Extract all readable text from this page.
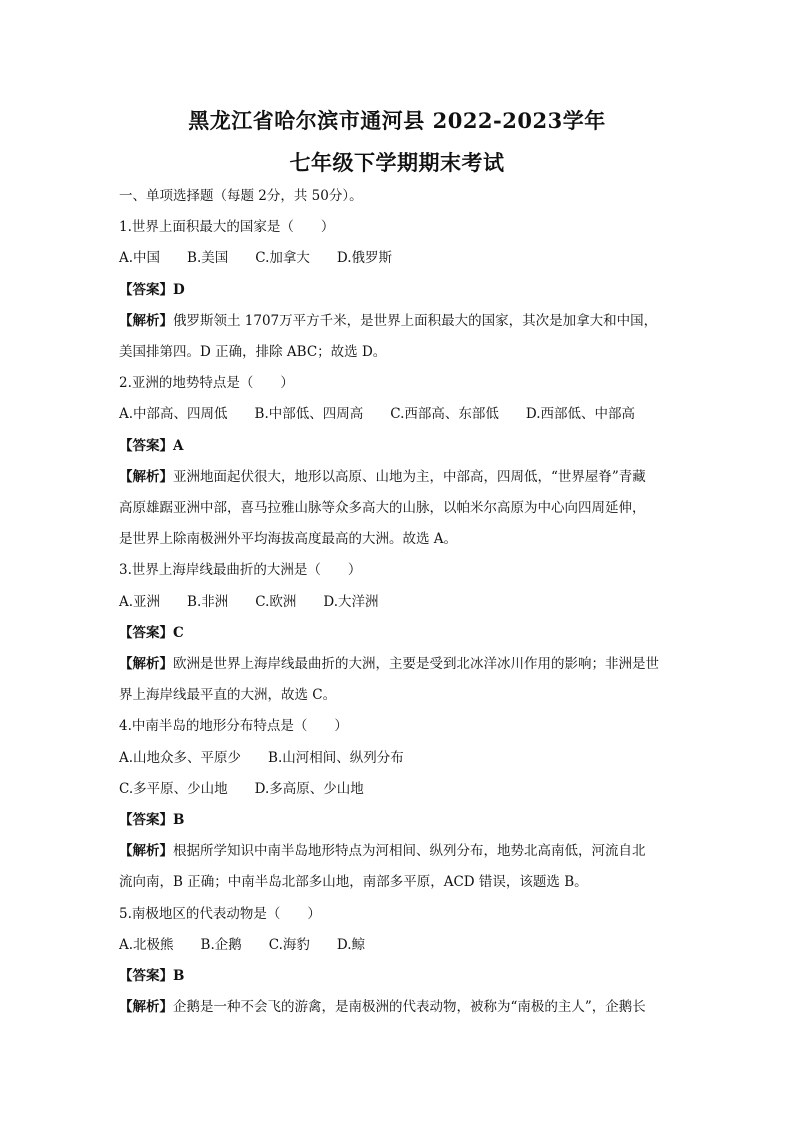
黑龙江省哈尔滨市通河县 2022-2023学年
七年级下学期期末考试
一、单项选择题（每题 2分，共 50分）。
1.世界上面积最大的国家是（　　）
A.中国 B.美国 C.加拿大 D.俄罗斯
【答案】D
【解析】俄罗斯领土 1707万平方千米，是世界上面积最大的国家，其次是加拿大和中国，
美国排第四。D 正确，排除 ABC；故选 D。
2.亚洲的地势特点是（　　）
A.中部高、四周低 B.中部低、四周高 C.西部高、东部低 D.西部低、中部高
【答案】A
【解析】亚洲地面起伏很大，地形以高原、山地为主，中部高，四周低，“世界屋脊”青藏
高原雄踞亚洲中部，喜马拉雅山脉等众多高大的山脉，以帕米尔高原为中心向四周延伸，
是世界上除南极洲外平均海拔高度最高的大洲。故选 A。
3.世界上海岸线最曲折的大洲是（　　）
A.亚洲 B.非洲 C.欧洲 D.大洋洲
【答案】C
【解析】欧洲是世界上海岸线最曲折的大洲，主要是受到北冰洋冰川作用的影响；非洲是世
界上海岸线最平直的大洲，故选 C。
4.中南半岛的地形分布特点是（　　）
A.山地众多、平原少 B.山河相间、纵列分布
C.多平原、少山地 D.多高原、少山地
【答案】B
【解析】根据所学知识中南半岛地形特点为河相间、纵列分布，地势北高南低，河流自北
流向南，B 正确；中南半岛北部多山地，南部多平原，ACD 错误，该题选 B。
5.南极地区的代表动物是（　　）
A.北极熊 B.企鹅 C.海豹 D.鲸
【答案】B
【解析】企鹅是一种不会飞的游禽，是南极洲的代表动物，被称为“南极的主人”，企鹅长
